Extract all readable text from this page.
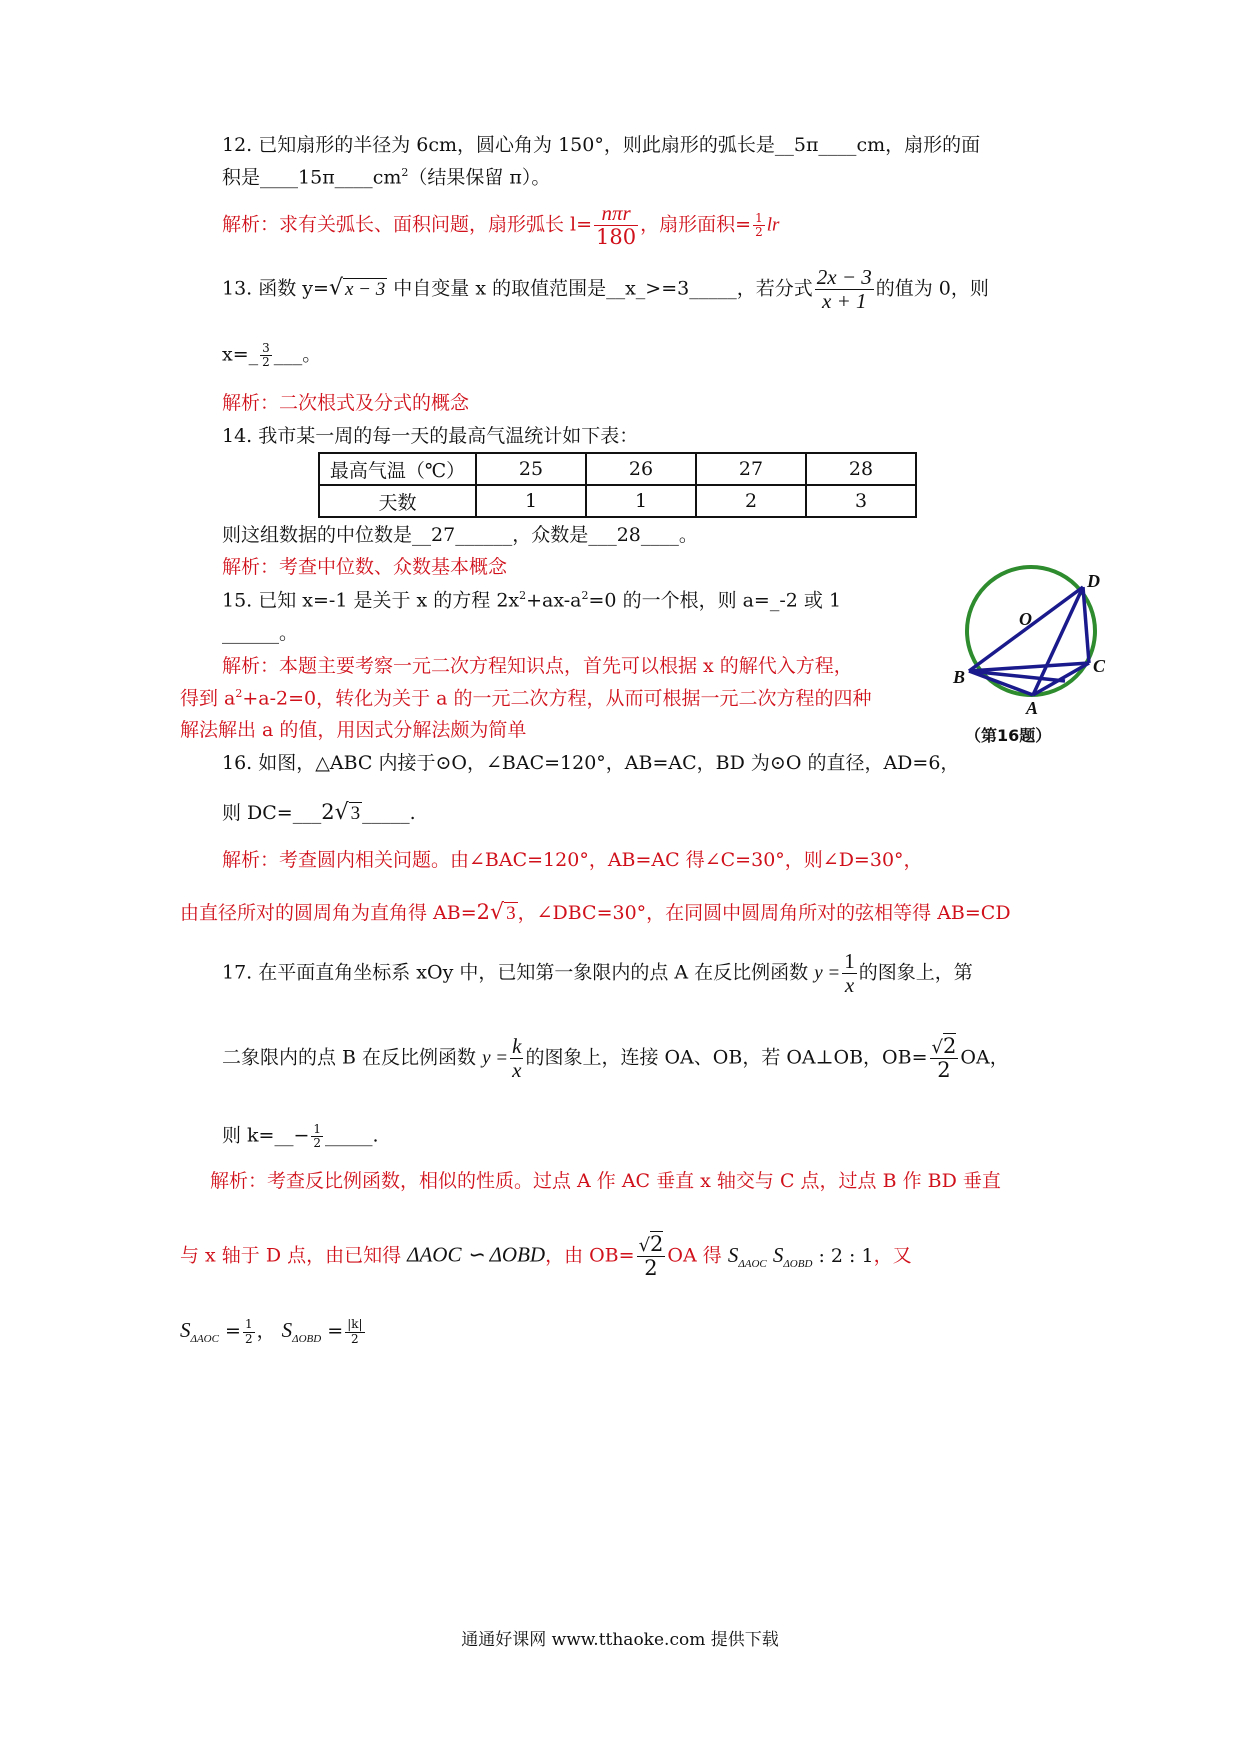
12. 已知扇形的半径为 6cm，圆心角为 150°，则此扇形的弧长是__5π____cm，扇形的面
积是$\_\_\_\_15\pi\_\_\_\_cm^2$（结果保留 π）。
解析：求有关弧长、面积问题，扇形弧长 $l= \frac{\text{nπr}}{180}$ ，扇形面积= $\frac{1}{2}$ lr
13. 函数 y=√ x − 3 中自变量 x 的取值范围是__x_>=3_____，若分式 $\frac{2x - 3}{x + 1}$ 的值为 0，则
x=_ $\frac{3}{2}$ ___。
解析：二次根式及分式的概念
14. 我市某一周的每一天的最高气温统计如下表：
最高气温（℃）	25	26	27	28
天数	1	1	2	3
则这组数据的中位数是__27______，众数是___28____。
解析：考查中位数、众数基本概念
15. 已知 x=-1 是关于 x 的方程 $2x^2+ax-a^2=0$ 的一个根，则 a=_-2 或 1
______。
解析：本题主要考察一元二次方程知识点，首先可以根据 x 的解代入方程，
得到 $a^2+a-2=0$，转化为关于 a 的一元二次方程，从而可根据一元二次方程的四种
解法解出 a 的值，用因式分解法颇为简单
O
D
B
C
A
（第16题）
16. 如图，△ABC 内接于⊙O，∠BAC=120°，AB=AC，BD 为⊙O 的直径，AD=6，
则 DC=___2√ 3 _____.
解析：考查圆内相关问题。由∠BAC=120°，AB=AC 得∠C=30°，则∠D=30°，
由直径所对的圆周角为直角得 AB=2√ 3 ，∠DBC=30°，在同圆中圆周角所对的弦相等得 AB=CD
17. 在平面直角坐标系 xOy 中，已知第一象限内的点 A 在反比例函数 $y = \frac{1}{x}$ 的图象上，第
二象限内的点 B 在反比例函数 $y = \frac{k}{x}$ 的图象上，连接 OA、OB，若 OA⊥OB，$OB= \frac{√2}{2}$ OA，
则 k=__− $\frac{1}{2}$ _____.
解析：考查反比例函数，相似的性质。过点 A 作 AC 垂直 x 轴交与 C 点，过点 B 作 BD 垂直
与 x 轴于 D 点，由已知得 ΔAOC ∽ ΔOBD，由 $OB= \frac{√2}{2}$ OA 得 $S_{\Delta AOC}$ $S_{\Delta OBD}$ : 2 : 1，又
$S_{\Delta AOC} = \frac{1}{2}$ ， $S_{\Delta OBD} = \frac{|k|}{2}$
通通好课网 www.tthaoke.com 提供下载
